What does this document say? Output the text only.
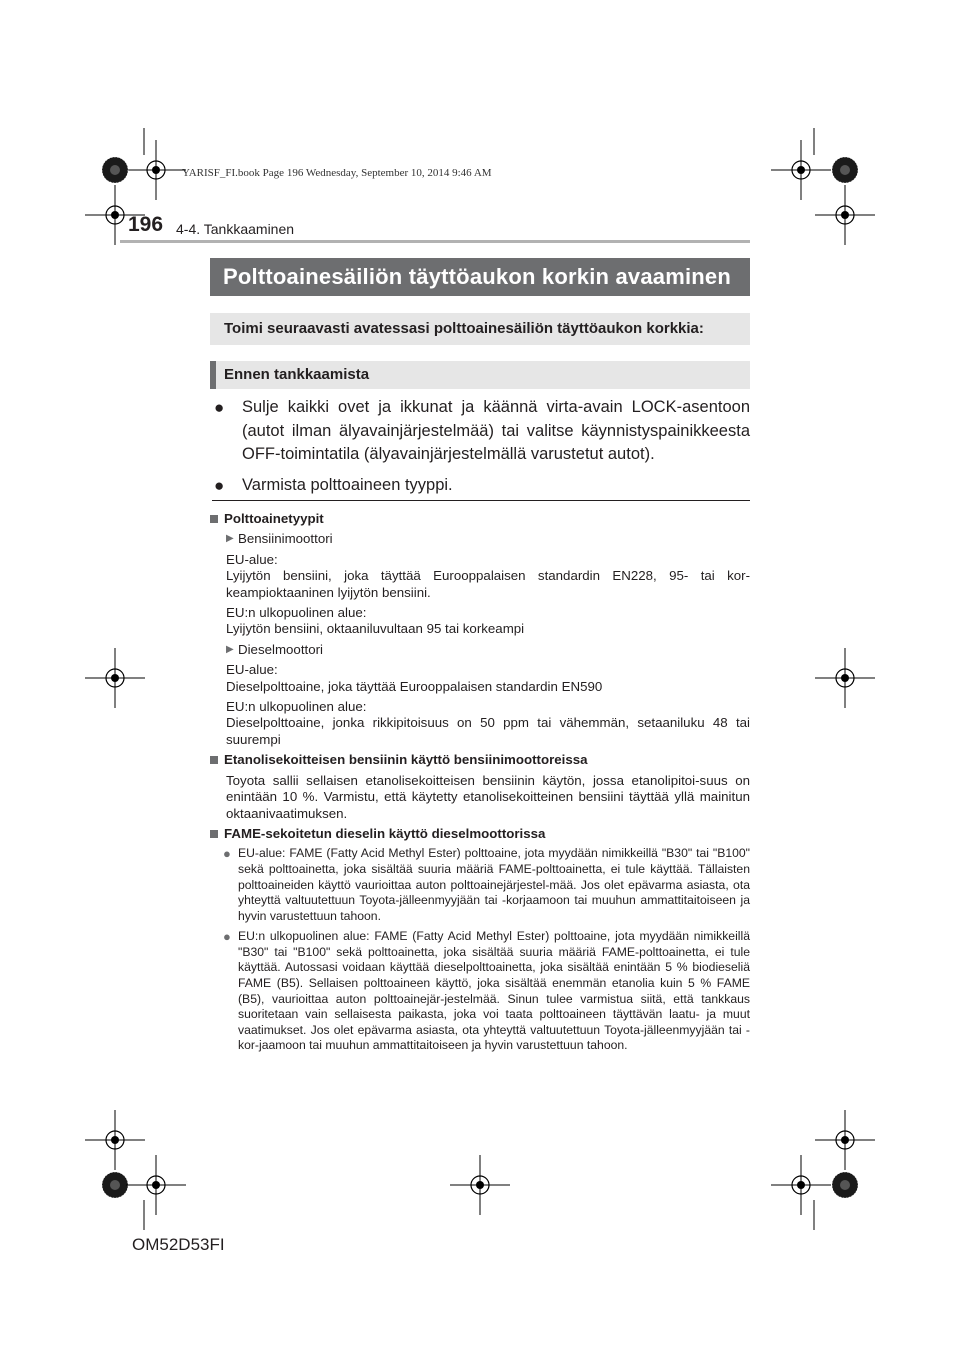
YARISF_FI.book Page 196 Wednesday, September 10, 2014 9:46 AM
196 4-4. Tankkaaminen
Polttoainesäiliön täyttöaukon korkin avaaminen
Toimi seuraavasti avatessasi polttoainesäiliön täyttöaukon korkkia:
Ennen tankkaamista
● Sulje kaikki ovet ja ikkunat ja käännä virta-avain LOCK-asentoon (autot ilman älyavainjärjestelmää) tai valitse käynnistyspainikkeesta OFF-toimintatila (älyavainjärjestelmällä varustetut autot).
● Varmista polttoaineen tyyppi.
Polttoainetyypit
▶ Bensiinimoottori
EU-alue:
Lyijytön bensiini, joka täyttää Eurooppalaisen standardin EN228, 95- tai kor-keampioktaaninen lyijytön bensiini.
EU:n ulkopuolinen alue:
Lyijytön bensiini, oktaaniluvultaan 95 tai korkeampi
▶ Dieselmoottori
EU-alue:
Dieselpolttoaine, joka täyttää Eurooppalaisen standardin EN590
EU:n ulkopuolinen alue:
Dieselpolttoaine, jonka rikkipitoisuus on 50 ppm tai vähemmän, setaaniluku 48 tai suurempi
Etanolisekoitteisen bensiinin käyttö bensiinimoottoreissa
Toyota sallii sellaisen etanolisekoitteisen bensiinin käytön, jossa etanolipitoi-suus on enintään 10 %. Varmistu, että käytetty etanolisekoitteinen bensiini täyttää yllä mainitun oktaanivaatimuksen.
FAME-sekoitetun dieselin käyttö dieselmoottorissa
● EU-alue: FAME (Fatty Acid Methyl Ester) polttoaine, jota myydään nimikkeillä "B30" tai "B100" sekä polttoainetta, joka sisältää suuria määriä FAME-polttoainetta, ei tule käyttää. Tällaisten polttoaineiden käyttö vaurioittaa auton polttoainejärjestel-mää. Jos olet epävarma asiasta, ota yhteyttä valtuutettuun Toyota-jälleenmyyjään tai -korjaamoon tai muuhun ammattitaitoiseen ja hyvin varustettuun tahoon.
● EU:n ulkopuolinen alue: FAME (Fatty Acid Methyl Ester) polttoaine, jota myydään nimikkeillä "B30" tai "B100" sekä polttoainetta, joka sisältää suuria määriä FAME-polttoainetta, ei tule käyttää. Autossasi voidaan käyttää dieselpolttoainetta, joka sisältää enintään 5 % biodieseliä FAME (B5). Sellaisen polttoaineen käyttö, joka sisältää enemmän etanolia kuin 5 % FAME (B5), vaurioittaa auton polttoainejär-jestelmää. Sinun tulee varmistua siitä, että tankkaus suoritetaan vain sellaisesta paikasta, joka voi taata polttoaineen täyttävän laatu- ja muut vaatimukset. Jos olet epävarma asiasta, ota yhteyttä valtuutettuun Toyota-jälleenmyyjään tai -kor-jaamoon tai muuhun ammattitaitoiseen ja hyvin varustettuun tahoon.
OM52D53FI
